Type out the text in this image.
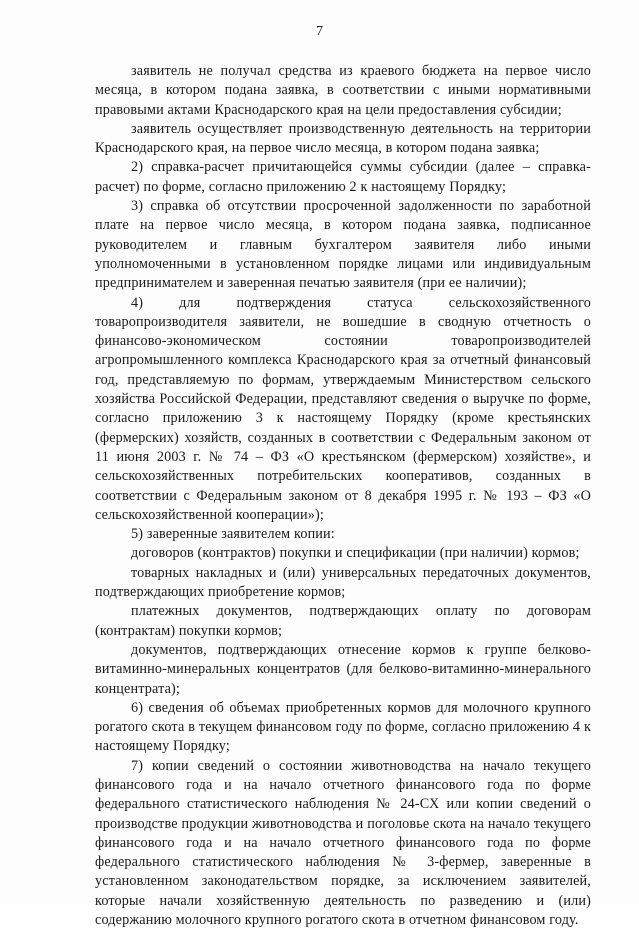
7

заявитель не получал средства из краевого бюджета на первое число месяца, в котором подана заявка, в соответствии с иными нормативными правовыми актами Краснодарского края на цели предоставления субсидии;

заявитель осуществляет производственную деятельность на территории Краснодарского края, на первое число месяца, в котором подана заявка;

2) справка-расчет причитающейся суммы субсидии (далее – справка-расчет) по форме, согласно приложению 2 к настоящему Порядку;

3) справка об отсутствии просроченной задолженности по заработной плате на первое число месяца, в котором подана заявка, подписанное руководителем и главным бухгалтером заявителя либо иными уполномоченными в установленном порядке лицами или индивидуальным предпринимателем и заверенная печатью заявителя (при ее наличии);

4) для подтверждения статуса сельскохозяйственного товаропроизводителя заявители, не вошедшие в сводную отчетность о финансово-экономическом состоянии товаропроизводителей агропромышленного комплекса Краснодарского края за отчетный финансовый год, представляемую по формам, утверждаемым Министерством сельского хозяйства Российской Федерации, представляют сведения о выручке по форме, согласно приложению 3 к настоящему Порядку (кроме крестьянских (фермерских) хозяйств, созданных в соответствии с Федеральным законом от 11 июня 2003 г. № 74 – ФЗ «О крестьянском (фермерском) хозяйстве», и сельскохозяйственных потребительских кооперативов, созданных в соответствии с Федеральным законом от 8 декабря 1995 г. № 193 – ФЗ «О сельскохозяйственной кооперации»);

5) заверенные заявителем копии:

договоров (контрактов) покупки и спецификации (при наличии) кормов;

товарных накладных и (или) универсальных передаточных документов, подтверждающих приобретение кормов;

платежных документов, подтверждающих оплату по договорам (контрактам) покупки кормов;

документов, подтверждающих отнесение кормов к группе белково-витаминно-минеральных концентратов (для белково-витаминно-минерального концентрата);

6) сведения об объемах приобретенных кормов для молочного крупного рогатого скота в текущем финансовом году по форме, согласно приложению 4 к настоящему Порядку;

7) копии сведений о состоянии животноводства на начало текущего финансового года и на начало отчетного финансового года по форме федерального статистического наблюдения № 24-СХ или копии сведений о производстве продукции животноводства и поголовье скота на начало текущего финансового года и на начало отчетного финансового года по форме федерального статистического наблюдения № 3-фермер, заверенные в установленном законодательством порядке, за исключением заявителей, которые начали хозяйственную деятельность по разведению и (или) содержанию молочного крупного рогатого скота в отчетном финансовом году.
